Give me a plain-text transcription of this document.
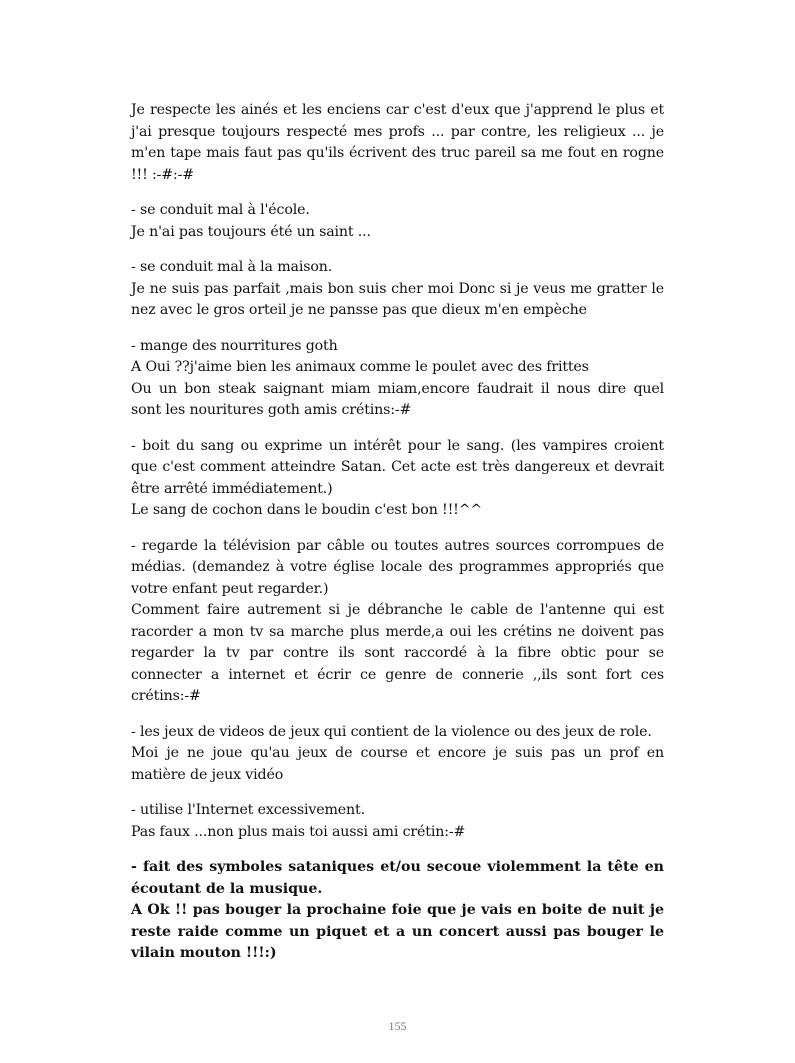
Je respecte les ainés et les enciens car c'est d'eux que j'apprend le plus et j'ai presque toujours respecté mes profs ... par contre, les religieux ... je m'en tape mais faut pas qu'ils écrivent des truc pareil sa me fout en rogne !!! :-#:-#

- se conduit mal à l'école.
Je n'ai pas toujours été un saint ...

- se conduit mal à la maison.
Je ne suis pas parfait ,mais bon suis cher moi Donc si je veus me gratter le nez avec le gros orteil je ne pansse pas que dieux m'en empèche

- mange des nourritures goth
A Oui ??j'aime bien les animaux comme le poulet avec des frittes
Ou un bon steak saignant miam miam,encore faudrait il nous dire quel sont les nouritures goth amis crétins:-#

- boit du sang ou exprime un intérêt pour le sang. (les vampires croient que c'est comment atteindre Satan. Cet acte est très dangereux et devrait être arrêté immédiatement.)
Le sang de cochon dans le boudin c'est bon !!!^^

- regarde la télévision par câble ou toutes autres sources corrompues de médias. (demandez à votre église locale des programmes appropriés que votre enfant peut regarder.)
Comment faire autrement si je débranche le cable de l'antenne qui est racorder a mon tv sa marche plus merde,a oui les crétins ne doivent pas regarder la tv par contre ils sont raccordé à la fibre obtic pour se connecter a internet et écrir ce genre de connerie ,,ils sont fort ces crétins:-#

- les jeux de videos de jeux qui contient de la violence ou des jeux de role.
Moi je ne joue qu'au jeux de course et encore je suis pas un prof en matière de jeux vidéo

- utilise l'Internet excessivement.
Pas faux ...non plus mais toi aussi ami crétin:-#

- fait des symboles sataniques et/ou secoue violemment la tête en écoutant de la musique.
A Ok !! pas bouger la prochaine foie que je vais en boite de nuit je reste raide comme un piquet et a un concert aussi pas bouger le vilain mouton !!!:)

155
